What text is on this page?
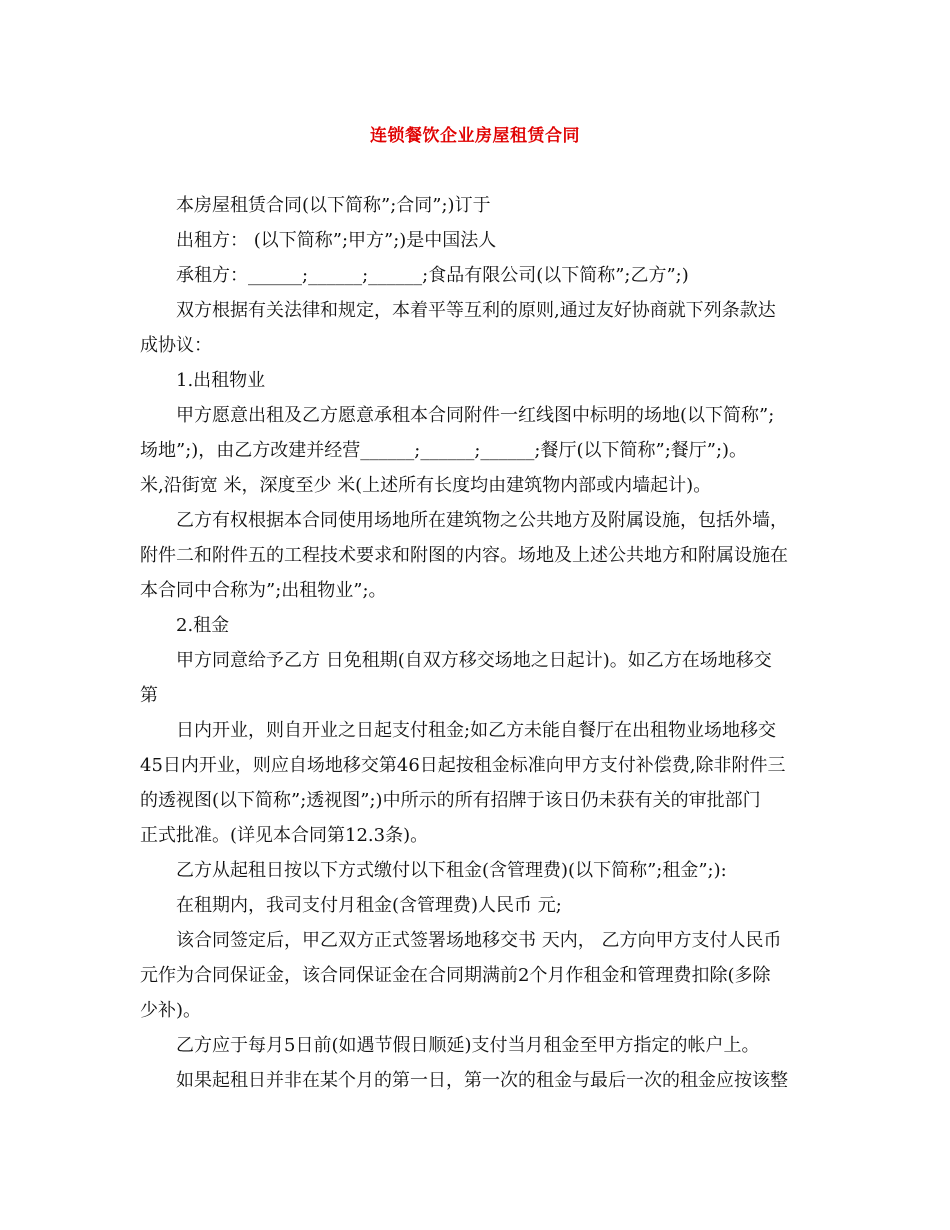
连锁餐饮企业房屋租赁合同
本房屋租赁合同(以下简称”;合同”;)订于
出租方： (以下简称”;甲方”;)是中国法人
承租方：______;______;______;食品有限公司(以下简称”;乙方”;)
双方根据有关法律和规定，本着平等互利的原则,通过友好协商就下列条款达
成协议：
1.出租物业
甲方愿意出租及乙方愿意承租本合同附件一红线图中标明的场地(以下简称”;
场地”;)，由乙方改建并经营______;______;______;餐厅(以下简称”;餐厅”;)。
米,沿街宽 米，深度至少 米(上述所有长度均由建筑物内部或内墙起计)。
乙方有权根据本合同使用场地所在建筑物之公共地方及附属设施，包括外墙，
附件二和附件五的工程技术要求和附图的内容。场地及上述公共地方和附属设施在
本合同中合称为”;出租物业”;。
2.租金
甲方同意给予乙方 日免租期(自双方移交场地之日起计)。如乙方在场地移交
第
日内开业，则自开业之日起支付租金;如乙方未能自餐厅在出租物业场地移交
45日内开业，则应自场地移交第46日起按租金标准向甲方支付补偿费,除非附件三
的透视图(以下简称”;透视图”;)中所示的所有招牌于该日仍未获有关的审批部门
正式批准。(详见本合同第12.3条)。
乙方从起租日按以下方式缴付以下租金(含管理费)(以下简称”;租金”;):
在租期内，我司支付月租金(含管理费)人民币 元;
该合同签定后，甲乙双方正式签署场地移交书 天内， 乙方向甲方支付人民币
元作为合同保证金，该合同保证金在合同期满前2个月作租金和管理费扣除(多除
少补)。
乙方应于每月5日前(如遇节假日顺延)支付当月租金至甲方指定的帐户上。
如果起租日并非在某个月的第一日，第一次的租金与最后一次的租金应按该整
